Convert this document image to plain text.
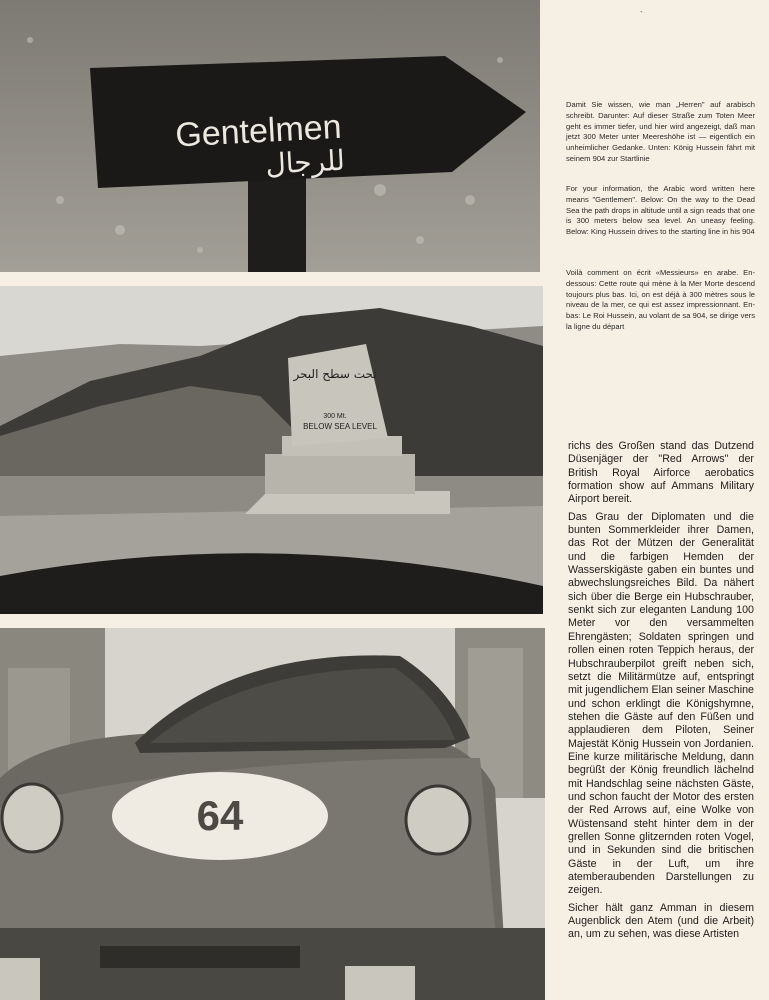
`
Gentelmen
للرجال
تحت سطح البحر
300 Mt.
BELOW SEA LEVEL
64

Damit Sie wissen, wie man „Herren" auf arabisch schreibt. Darunter: Auf dieser Straße zum Toten Meer geht es immer tiefer, und hier wird angezeigt, daß man jetzt 300 Meter unter Meereshöhe ist — eigentlich ein unheimlicher Gedanke. Unten: König Hussein fährt mit seinem 904 zur Startlinie

For your information, the Arabic word written here means "Gentlemen". Below: On the way to the Dead Sea the path drops in altitude until a sign reads that one is 300 meters below sea level. An uneasy feeling. Below: King Hussein drives to the starting line in his 904

Voilà comment on écrit «Messieurs» en arabe. En-dessous: Cette route qui mène à la Mer Morte descend toujours plus bas. Ici, on est déjà à 300 mètres sous le niveau de la mer, ce qui est assez impressionnant. En-bas: Le Roi Hussein, au volant de sa 904, se dirige vers la ligne du départ

richs des Großen stand das Dutzend Düsenjäger der "Red Arrows" der British Royal Airforce aerobatics formation show auf Ammans Military Airport bereit.

Das Grau der Diplomaten und die bunten Sommerkleider ihrer Damen, das Rot der Mützen der Generalität und die farbigen Hemden der Wasserskigäste gaben ein buntes und abwechslungsreiches Bild. Da nähert sich über die Berge ein Hubschrauber, senkt sich zur eleganten Landung 100 Meter vor den versammelten Ehrengästen; Soldaten springen und rollen einen roten Teppich heraus, der Hubschrauberpilot greift neben sich, setzt die Militärmütze auf, entspringt mit jugendlichem Elan seiner Maschine und schon erklingt die Königshymne, stehen die Gäste auf den Füßen und applaudieren dem Piloten, Seiner Majestät König Hussein von Jordanien. Eine kurze militärische Meldung, dann begrüßt der König freundlich lächelnd mit Handschlag seine nächsten Gäste, und schon faucht der Motor des ersten der Red Arrows auf, eine Wolke von Wüstensand steht hinter dem in der grellen Sonne glitzernden roten Vogel, und in Sekunden sind die britischen Gäste in der Luft, um ihre atemberaubenden Darstellungen zu zeigen.

Sicher hält ganz Amman in diesem Augenblick den Atem (und die Arbeit) an, um zu sehen, was diese Artisten
